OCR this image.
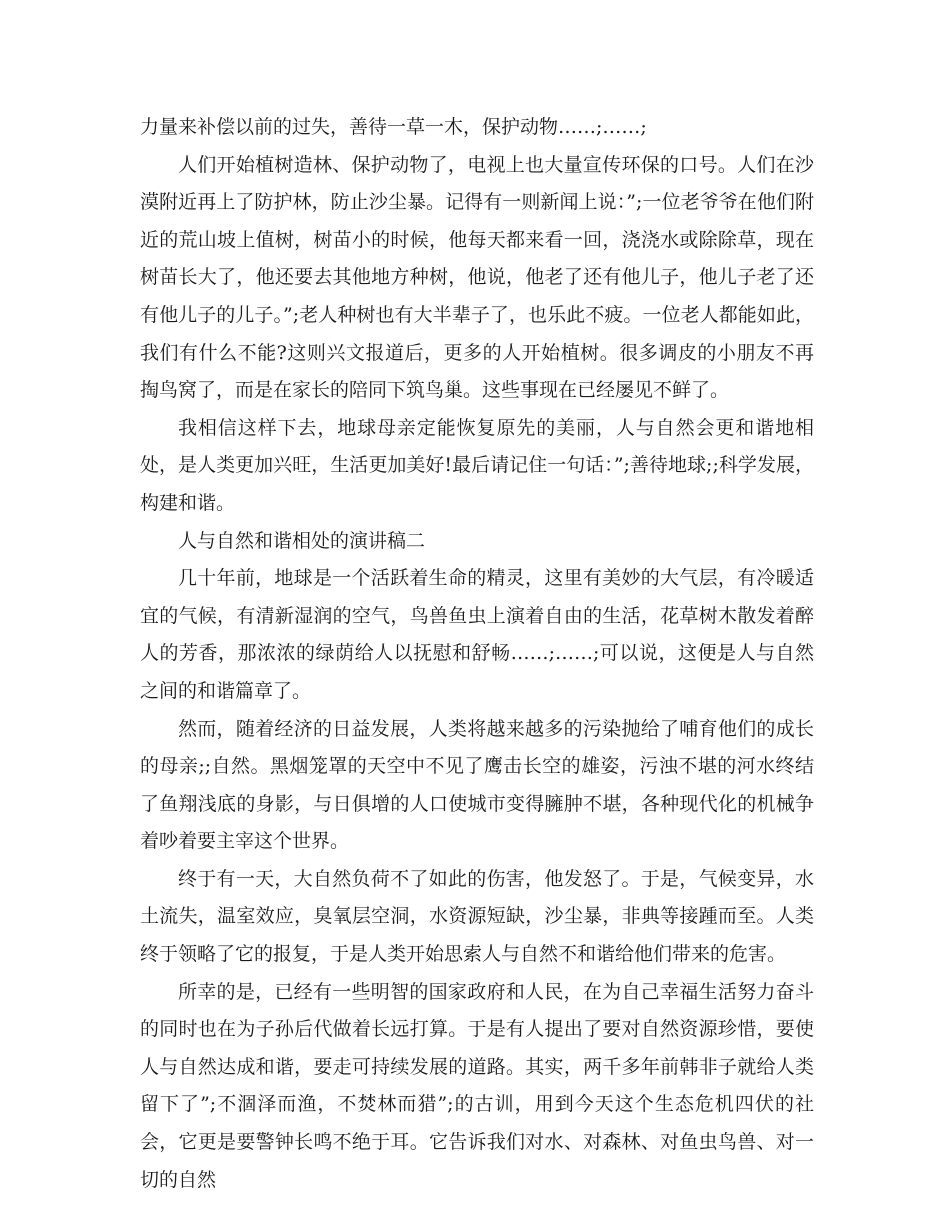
力量来补偿以前的过失，善待一草一木，保护动物……;……;

人们开始植树造林、保护动物了，电视上也大量宣传环保的口号。人们在沙漠附近再上了防护林，防止沙尘暴。记得有一则新闻上说：”;一位老爷爷在他们附近的荒山坡上值树，树苗小的时候，他每天都来看一回，浇浇水或除除草，现在树苗长大了，他还要去其他地方种树，他说，他老了还有他儿子，他儿子老了还有他儿子的儿子。”;老人种树也有大半辈子了，也乐此不疲。一位老人都能如此，我们有什么不能?这则兴文报道后，更多的人开始植树。很多调皮的小朋友不再掏鸟窝了，而是在家长的陪同下筑鸟巢。这些事现在已经屡见不鲜了。

我相信这样下去，地球母亲定能恢复原先的美丽，人与自然会更和谐地相处，是人类更加兴旺，生活更加美好!最后请记住一句话：”;善待地球;;科学发展，构建和谐。

人与自然和谐相处的演讲稿二

几十年前，地球是一个活跃着生命的精灵，这里有美妙的大气层，有冷暖适宜的气候，有清新湿润的空气，鸟兽鱼虫上演着自由的生活，花草树木散发着醉人的芳香，那浓浓的绿荫给人以抚慰和舒畅……;……;可以说，这便是人与自然之间的和谐篇章了。

然而，随着经济的日益发展，人类将越来越多的污染抛给了哺育他们的成长的母亲;;自然。黑烟笼罩的天空中不见了鹰击长空的雄姿，污浊不堪的河水终结了鱼翔浅底的身影，与日俱增的人口使城市变得臃肿不堪，各种现代化的机械争着吵着要主宰这个世界。

终于有一天，大自然负荷不了如此的伤害，他发怒了。于是，气候变异，水土流失，温室效应，臭氧层空洞，水资源短缺，沙尘暴，非典等接踵而至。人类终于领略了它的报复，于是人类开始思索人与自然不和谐给他们带来的危害。

所幸的是，已经有一些明智的国家政府和人民，在为自己幸福生活努力奋斗的同时也在为子孙后代做着长远打算。于是有人提出了要对自然资源珍惜，要使人与自然达成和谐，要走可持续发展的道路。其实，两千多年前韩非子就给人类留下了”;不涸泽而渔，不焚林而猎”;的古训，用到今天这个生态危机四伏的社会，它更是要警钟长鸣不绝于耳。它告诉我们对水、对森林、对鱼虫鸟兽、对一切的自然
